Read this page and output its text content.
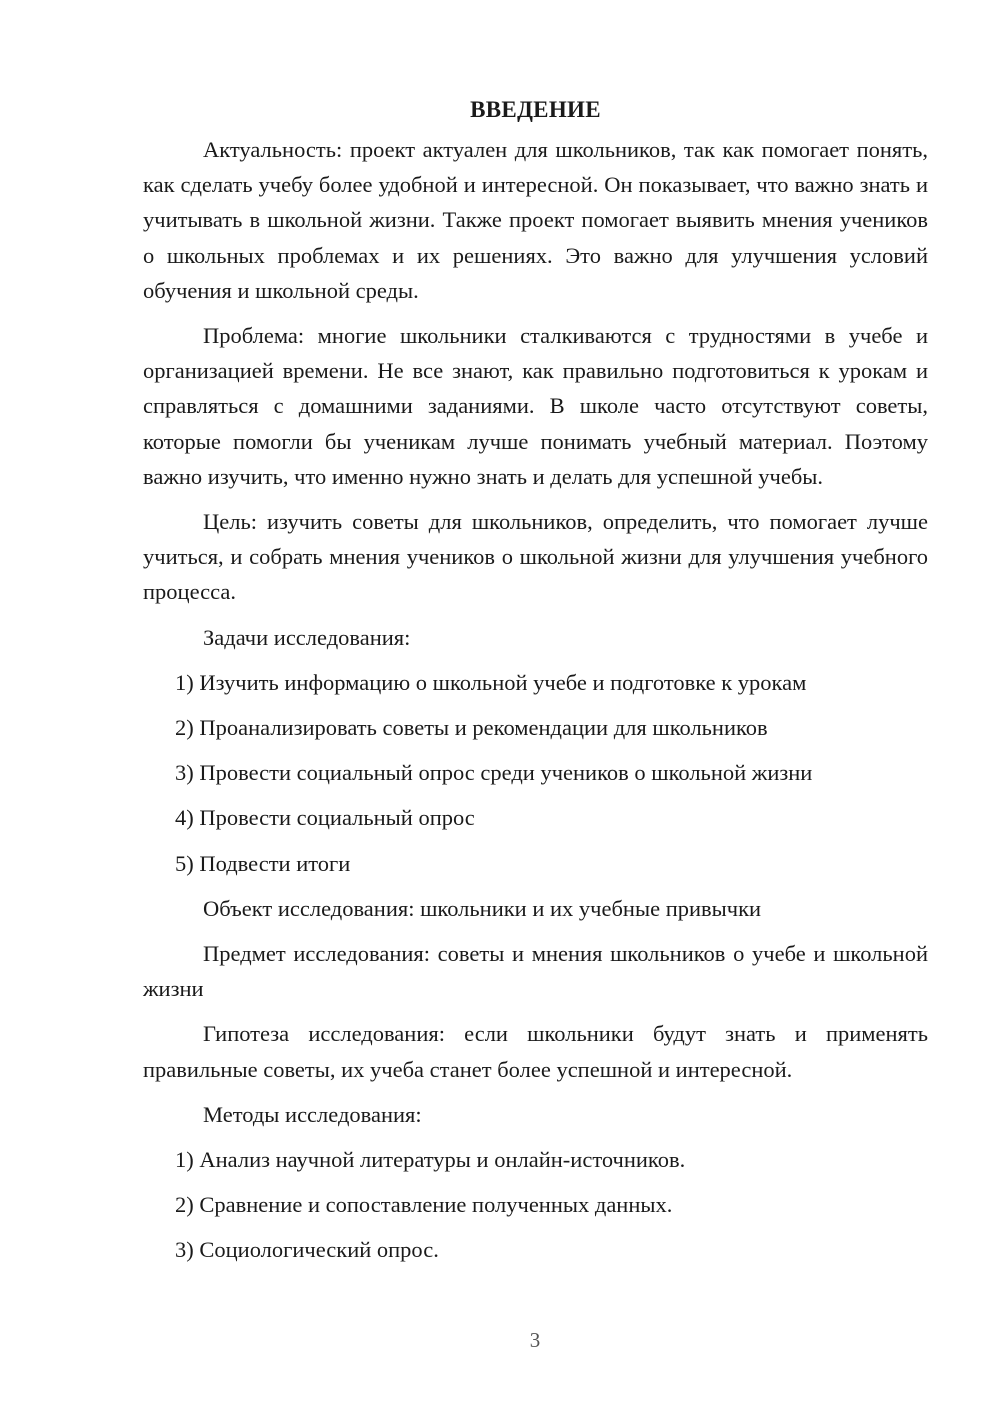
ВВЕДЕНИЕ

Актуальность: проект актуален для школьников, так как помогает понять, как сделать учебу более удобной и интересной. Он показывает, что важно знать и учитывать в школьной жизни. Также проект помогает выявить мнения учеников о школьных проблемах и их решениях. Это важно для улучшения условий обучения и школьной среды.

Проблема: многие школьники сталкиваются с трудностями в учебе и организацией времени. Не все знают, как правильно подготовиться к урокам и справляться с домашними заданиями. В школе часто отсутствуют советы, которые помогли бы ученикам лучше понимать учебный материал. Поэтому важно изучить, что именно нужно знать и делать для успешной учебы.

Цель: изучить советы для школьников, определить, что помогает лучше учиться, и собрать мнения учеников о школьной жизни для улучшения учебного процесса.

Задачи исследования:

1) Изучить информацию о школьной учебе и подготовке к урокам

2) Проанализировать советы и рекомендации для школьников

3) Провести социальный опрос среди учеников о школьной жизни

4) Провести социальный опрос

5) Подвести итоги

Объект исследования: школьники и их учебные привычки

Предмет исследования: советы и мнения школьников о учебе и школьной жизни

Гипотеза исследования: если школьники будут знать и применять правильные советы, их учеба станет более успешной и интересной.

Методы исследования:

1) Анализ научной литературы и онлайн-источников.

2) Сравнение и сопоставление полученных данных.

3) Социологический опрос.

3
